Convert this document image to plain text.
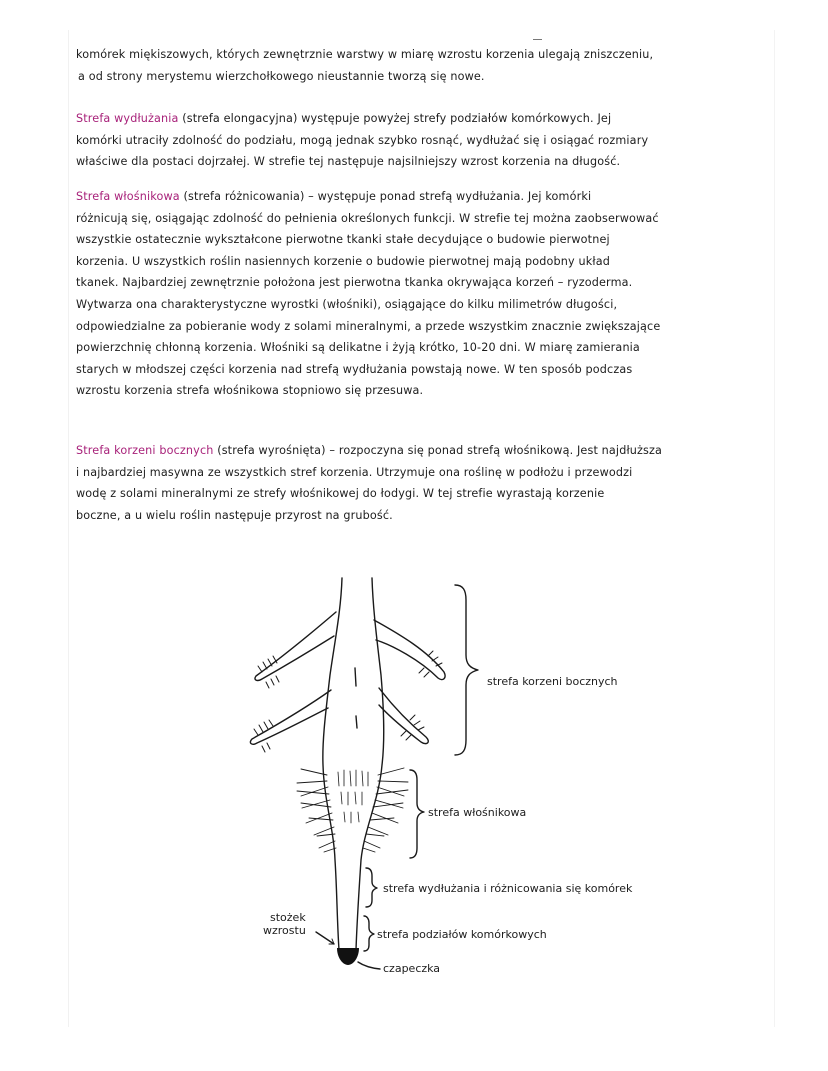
komórek miękiszowych, których zewnętrznie warstwy w miarę wzrostu korzenia ulegają zniszczeniu,
a od strony merystemu wierzchołkowego nieustannie tworzą się nowe.
Strefa wydłużania (strefa elongacyjna) występuje powyżej strefy podziałów komórkowych. Jej
komórki utraciły zdolność do podziału, mogą jednak szybko rosnąć, wydłużać się i osiągać rozmiary
właściwe dla postaci dojrzałej. W strefie tej następuje najsilniejszy wzrost korzenia na długość.
Strefa włośnikowa (strefa różnicowania) – występuje ponad strefą wydłużania. Jej komórki
różnicują się, osiągając zdolność do pełnienia określonych funkcji. W strefie tej można zaobserwować
wszystkie ostatecznie wykształcone pierwotne tkanki stałe decydujące o budowie pierwotnej
korzenia. U wszystkich roślin nasiennych korzenie o budowie pierwotnej mają podobny układ
tkanek. Najbardziej zewnętrznie położona jest pierwotna tkanka okrywająca korzeń – ryzoderma.
Wytwarza ona charakterystyczne wyrostki (włośniki), osiągające do kilku milimetrów długości,
odpowiedzialne za pobieranie wody z solami mineralnymi, a przede wszystkim znacznie zwiększające
powierzchnię chłonną korzenia. Włośniki są delikatne i żyją krótko, 10-20 dni. W miarę zamierania
starych w młodszej części korzenia nad strefą wydłużania powstają nowe. W ten sposób podczas
wzrostu korzenia strefa włośnikowa stopniowo się przesuwa.
Strefa korzeni bocznych (strefa wyrośnięta) – rozpoczyna się ponad strefą włośnikową. Jest najdłuższa
i najbardziej masywna ze wszystkich stref korzenia. Utrzymuje ona roślinę w podłożu i przewodzi
wodę z solami mineralnymi ze strefy włośnikowej do łodygi. W tej strefie wyrastają korzenie
boczne, a u wielu roślin następuje przyrost na grubość.
strefa korzeni bocznych
strefa włośnikowa
strefa wydłużania i różnicowania się komórek
strefa podziałów komórkowych
stożek
wzrostu
czapeczka
